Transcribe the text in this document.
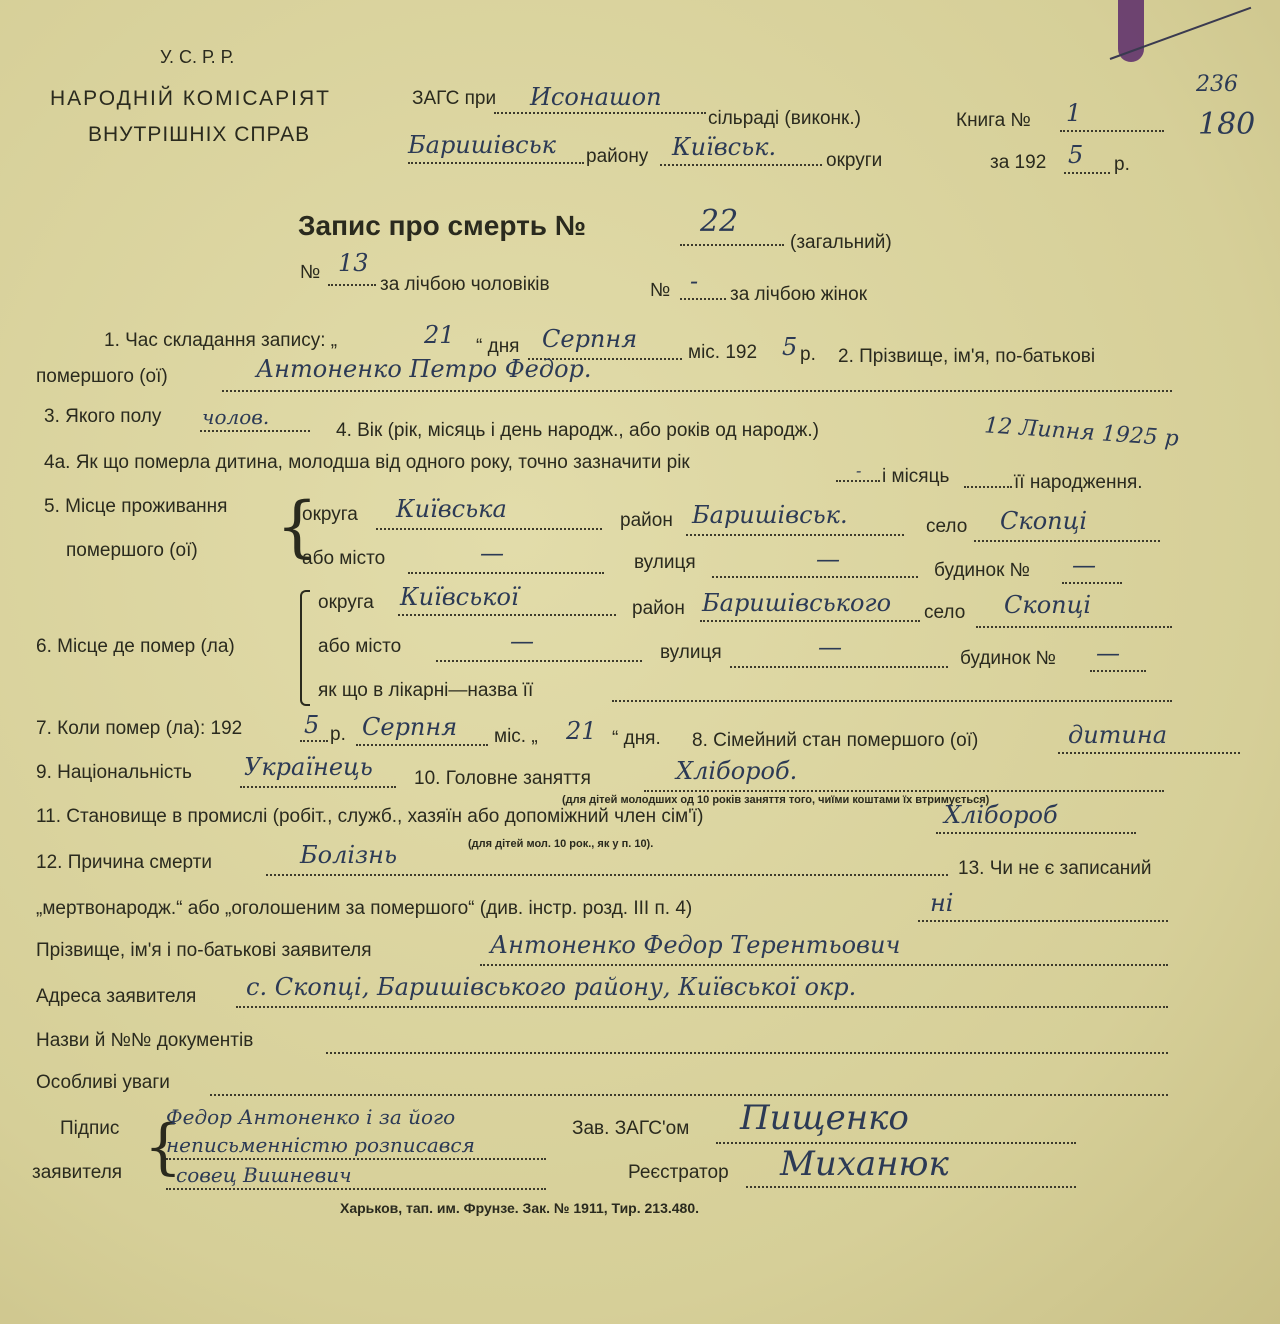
236
180
У. С. Р. Р.
НАРОДНІЙ КОМІСАРІЯТ
ВНУТРІШНІХ СПРАВ
ЗАГС при Исонашоп
сільраді (виконк.)	Книга № 1
Баришівськ району Київськ.	округи	за 192 5 р.
Запис про смерть №	22
(загальний)
№ 13
за лічбою чоловіків	№ - за лічбою жінок
1. Час складання запису: „	21 “ дня Серпня	міс. 192 5 р. 2. Прізвище, ім'я, по-батькові
помершого (ої)	Антоненко Петро Федор.
3. Якого полу чолов.
4. Вік (рік, місяць і день народж., або років од народж.)	12 Липня 1925 р
4а. Як що померла дитина, молодша від одного року, точно зазначити рік	- і місяць	її народження.
5. Місце проживання
помершого (ої) {
округа Київська	район Баришівськ.	село Скопці
або місто	—	вулиця	—	будинок № —
6. Місце де помер (ла)
округа Київської	район Баришівського село Скопці
або місто	—	вулиця	—	будинок № —
як що в лікарні—назва її
7. Коли помер (ла): 192	5 р. Серпня міс. „ 21 “ дня. 8. Сімейний стан помершого (ої)	дитина
9. Національність Українець 10. Головне заняття	Хлібороб.
(для дітей молодших од 10 років заняття того, чиїми коштами їх втримується)
11. Становище в промислі (робіт., служб., хазяїн або допоміжний член сім'ї)	Хлібороб
(для дітей мол. 10 рок., як у п. 10).
12. Причина смерти	Болізнь	13. Чи не є записаний
„мертвонародж.“ або „оголошеним за помершого“ (див. інстр. розд. III п. 4)	ні
Прізвище, ім'я і по-батькові заявителя	Антоненко Федор Терентьович
Адреса заявителя с. Скопці, Баришівського району, Київської окр.
Назви й №№ документів
Особливі уваги
Підпис
заявителя {
Федор Антоненко і за його
неписьменністю розписався
совец Вишневич
Зав. ЗАГС'ом Пищенко
Реєстратор Миханюк
Харьков, тап. им. Фрунзе. Зак. № 1911, Тир. 213.480.
